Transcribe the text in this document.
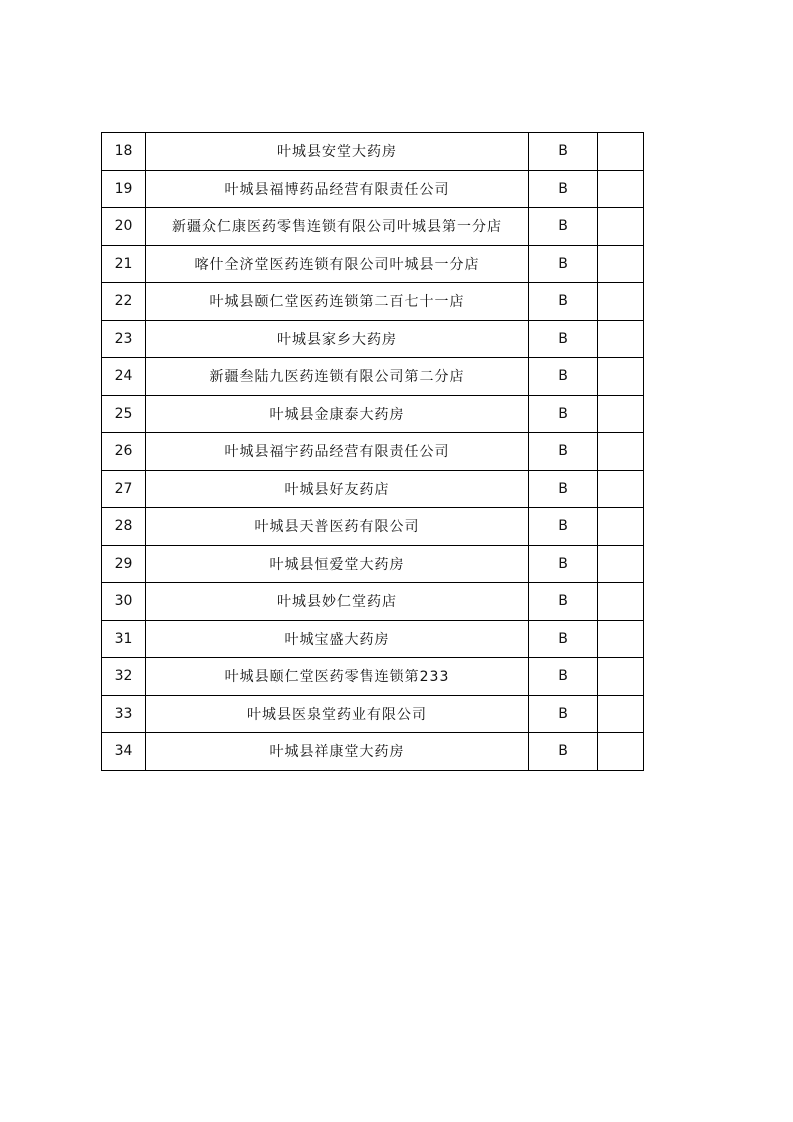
18	叶城县安堂大药房	B	
19	叶城县福博药品经营有限责任公司	B	
20	新疆众仁康医药零售连锁有限公司叶城县第一分店	B	
21	喀什全济堂医药连锁有限公司叶城县一分店	B	
22	叶城县颐仁堂医药连锁第二百七十一店	B	
23	叶城县家乡大药房	B	
24	新疆叁陆九医药连锁有限公司第二分店	B	
25	叶城县金康泰大药房	B	
26	叶城县福宇药品经营有限责任公司	B	
27	叶城县好友药店	B	
28	叶城县天普医药有限公司	B	
29	叶城县恒爱堂大药房	B	
30	叶城县妙仁堂药店	B	
31	叶城宝盛大药房	B	
32	叶城县颐仁堂医药零售连锁第233	B	
33	叶城县医泉堂药业有限公司	B	
34	叶城县祥康堂大药房	B	
